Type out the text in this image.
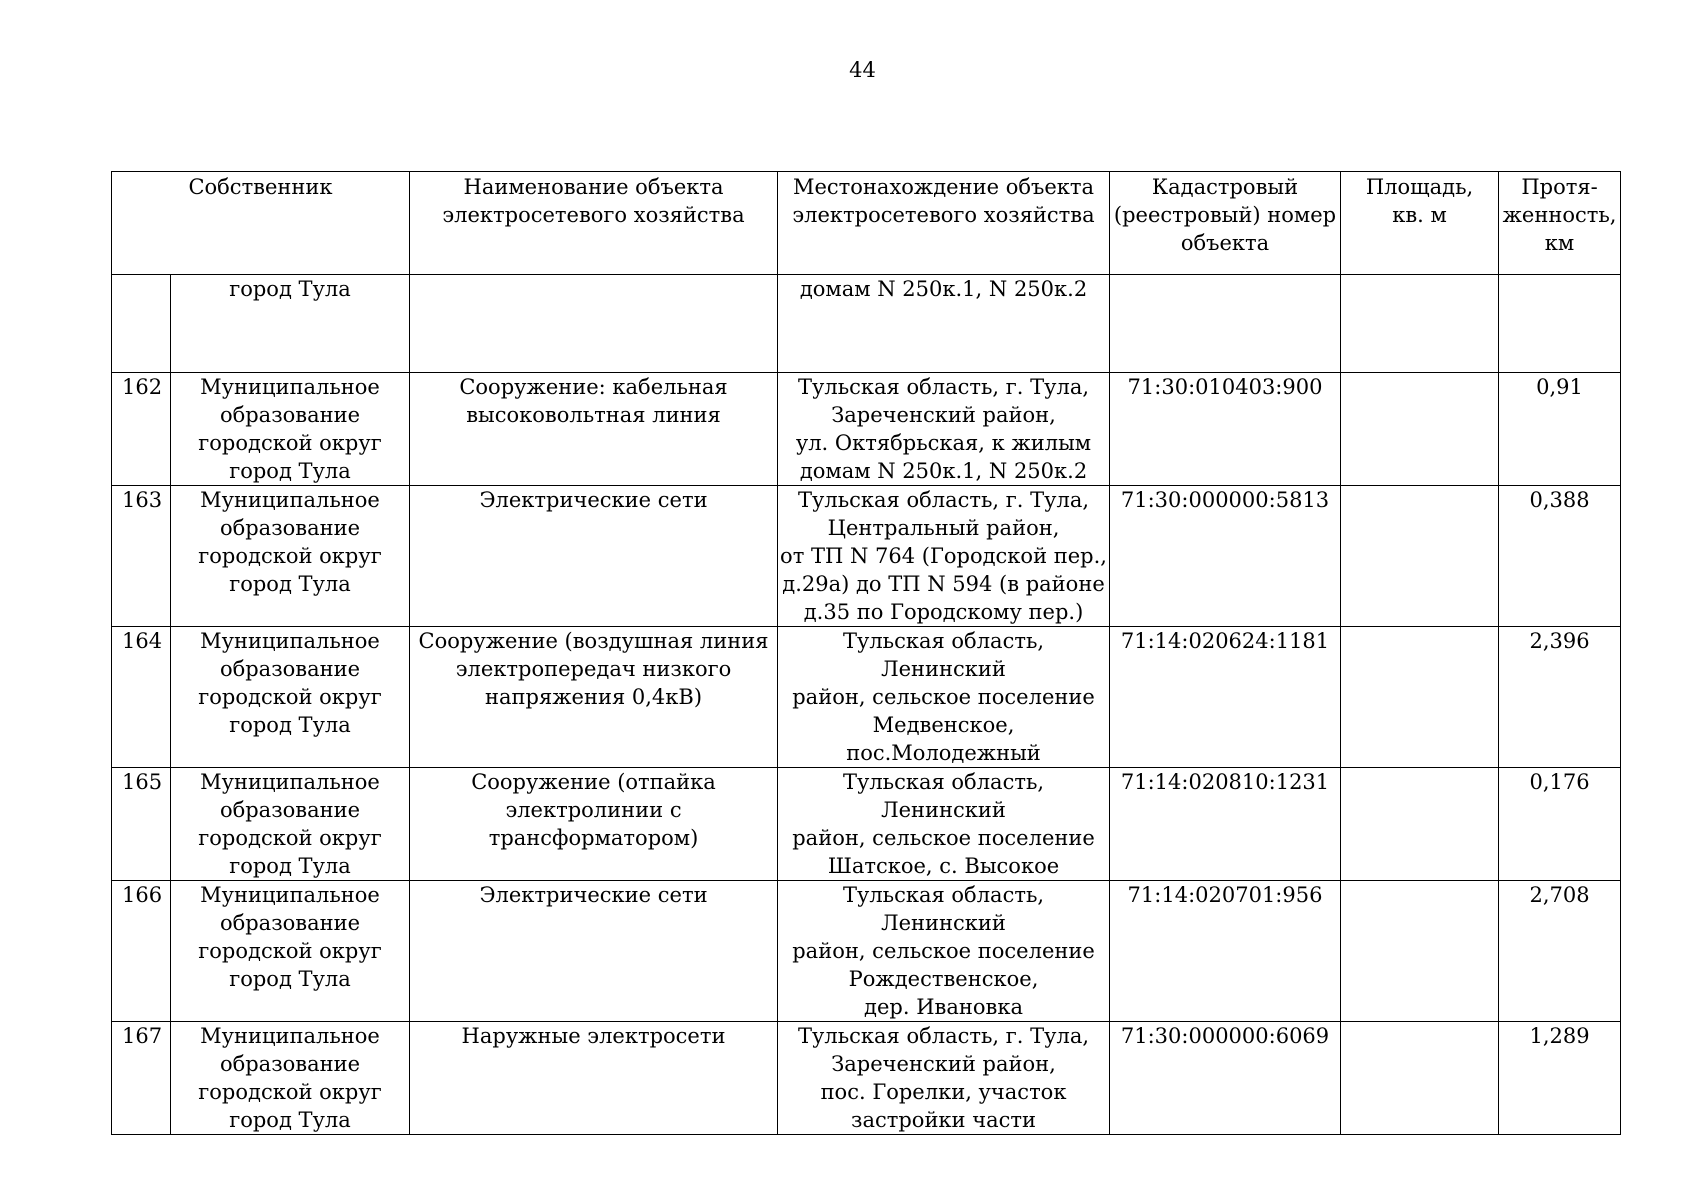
44
Собственник		Наименование объекта
электросетевого хозяйства	Местонахождение объекта
электросетевого хозяйства	Кадастровый
(реестровый) номер
объекта	Площадь,
кв. м	Протя-
женность,
км
	город Тула		домам N 250к.1, N 250к.2			
162	Муниципальное
образование
городской округ
город Тула	Сооружение: кабельная
высоковольтная линия	Тульская область, г. Тула,
Зареченский район,
ул. Октябрьская, к жилым
домам N 250к.1, N 250к.2	71:30:010403:900		0,91
163	Муниципальное
образование
городской округ
город Тула	Электрические сети	Тульская область, г. Тула,
Центральный район,
от ТП N 764 (Городской пер.,
д.29а) до ТП N 594 (в районе
д.35 по Городскому пер.)	71:30:000000:5813		0,388
164	Муниципальное
образование
городской округ
город Тула	Сооружение (воздушная линия
электропередач низкого
напряжения 0,4кВ)	Тульская область, Ленинский
район, сельское поселение
Медвенское,
пос.Молодежный	71:14:020624:1181		2,396
165	Муниципальное
образование
городской округ
город Тула	Сооружение (отпайка
электролинии с
трансформатором)	Тульская область, Ленинский
район, сельское поселение
Шатское, с. Высокое	71:14:020810:1231		0,176
166	Муниципальное
образование
городской округ
город Тула	Электрические сети	Тульская область, Ленинский
район, сельское поселение
Рождественское,
дер. Ивановка	71:14:020701:956		2,708
167	Муниципальное
образование
городской округ
город Тула	Наружные электросети	Тульская область, г. Тула,
Зареченский район,
пос. Горелки, участок
застройки части	71:30:000000:6069		1,289
